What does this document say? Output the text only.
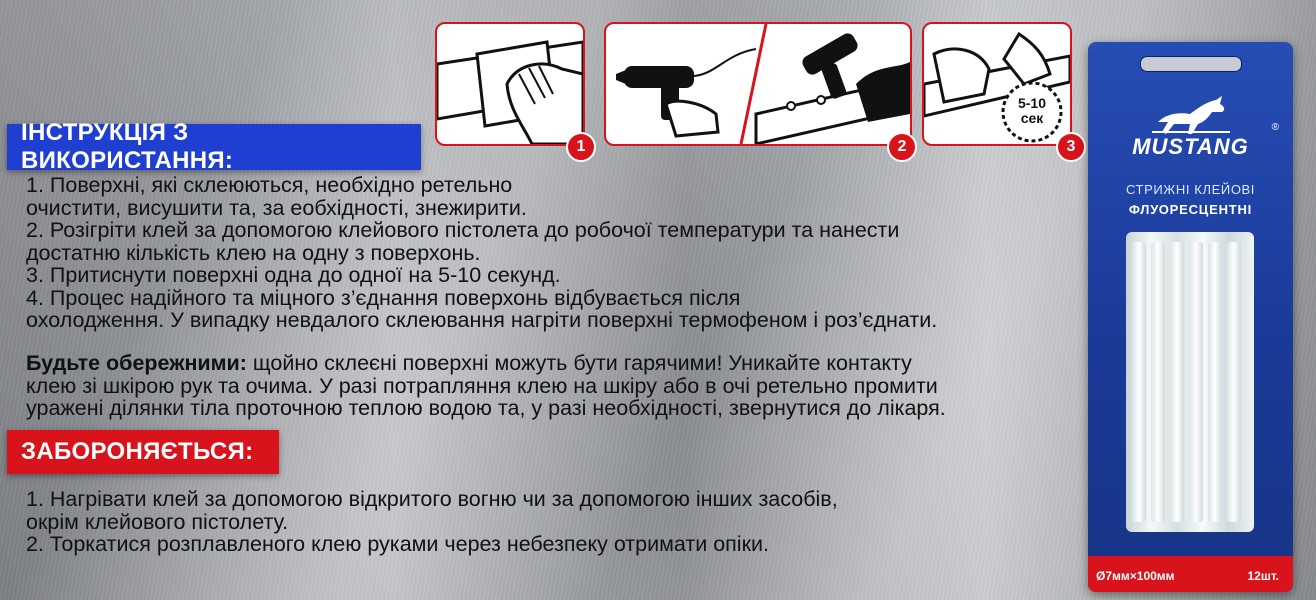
ІНСТРУКЦІЯ З ВИКОРИСТАННЯ:
1. Поверхні, які склеюються, необхідно ретельно
очистити, висушити та, за еобхідності, знежирити.
2. Розігріти клей за допомогою клейового пістолета до робочої температури та нанести
достатню кількість клею на одну з поверхонь.
3. Притиснути поверхні одна до одної на 5-10 секунд.
4. Процес надійного та міцного з’єднання поверхонь відбувається після
охолодження. У випадку невдалого склеювання нагріти поверхні термофеном і роз’єднати.
Будьте обережними: щойно склеєні поверхні можуть бути гарячими! Уникайте контакту
клею зі шкірою рук та очима. У разі потрапляння клею на шкіру або в очі ретельно промити
уражені ділянки тіла проточною теплою водою та, у разі необхідності, звернутися до лікаря.
ЗАБОРОНЯЄТЬСЯ:
1. Нагрівати клей за допомогою відкритого вогню чи за допомогою інших засобів,
окрім клейового пістолету.
2. Торкатися розплавленого клею руками через небезпеку отримати опіки.
1	2
5-10
сек
3
®
MUSTANG
СТРИЖНІ КЛЕЙОВІ
ФЛУОРЕСЦЕНТНІ
Ø7мм×100мм	12шт.
